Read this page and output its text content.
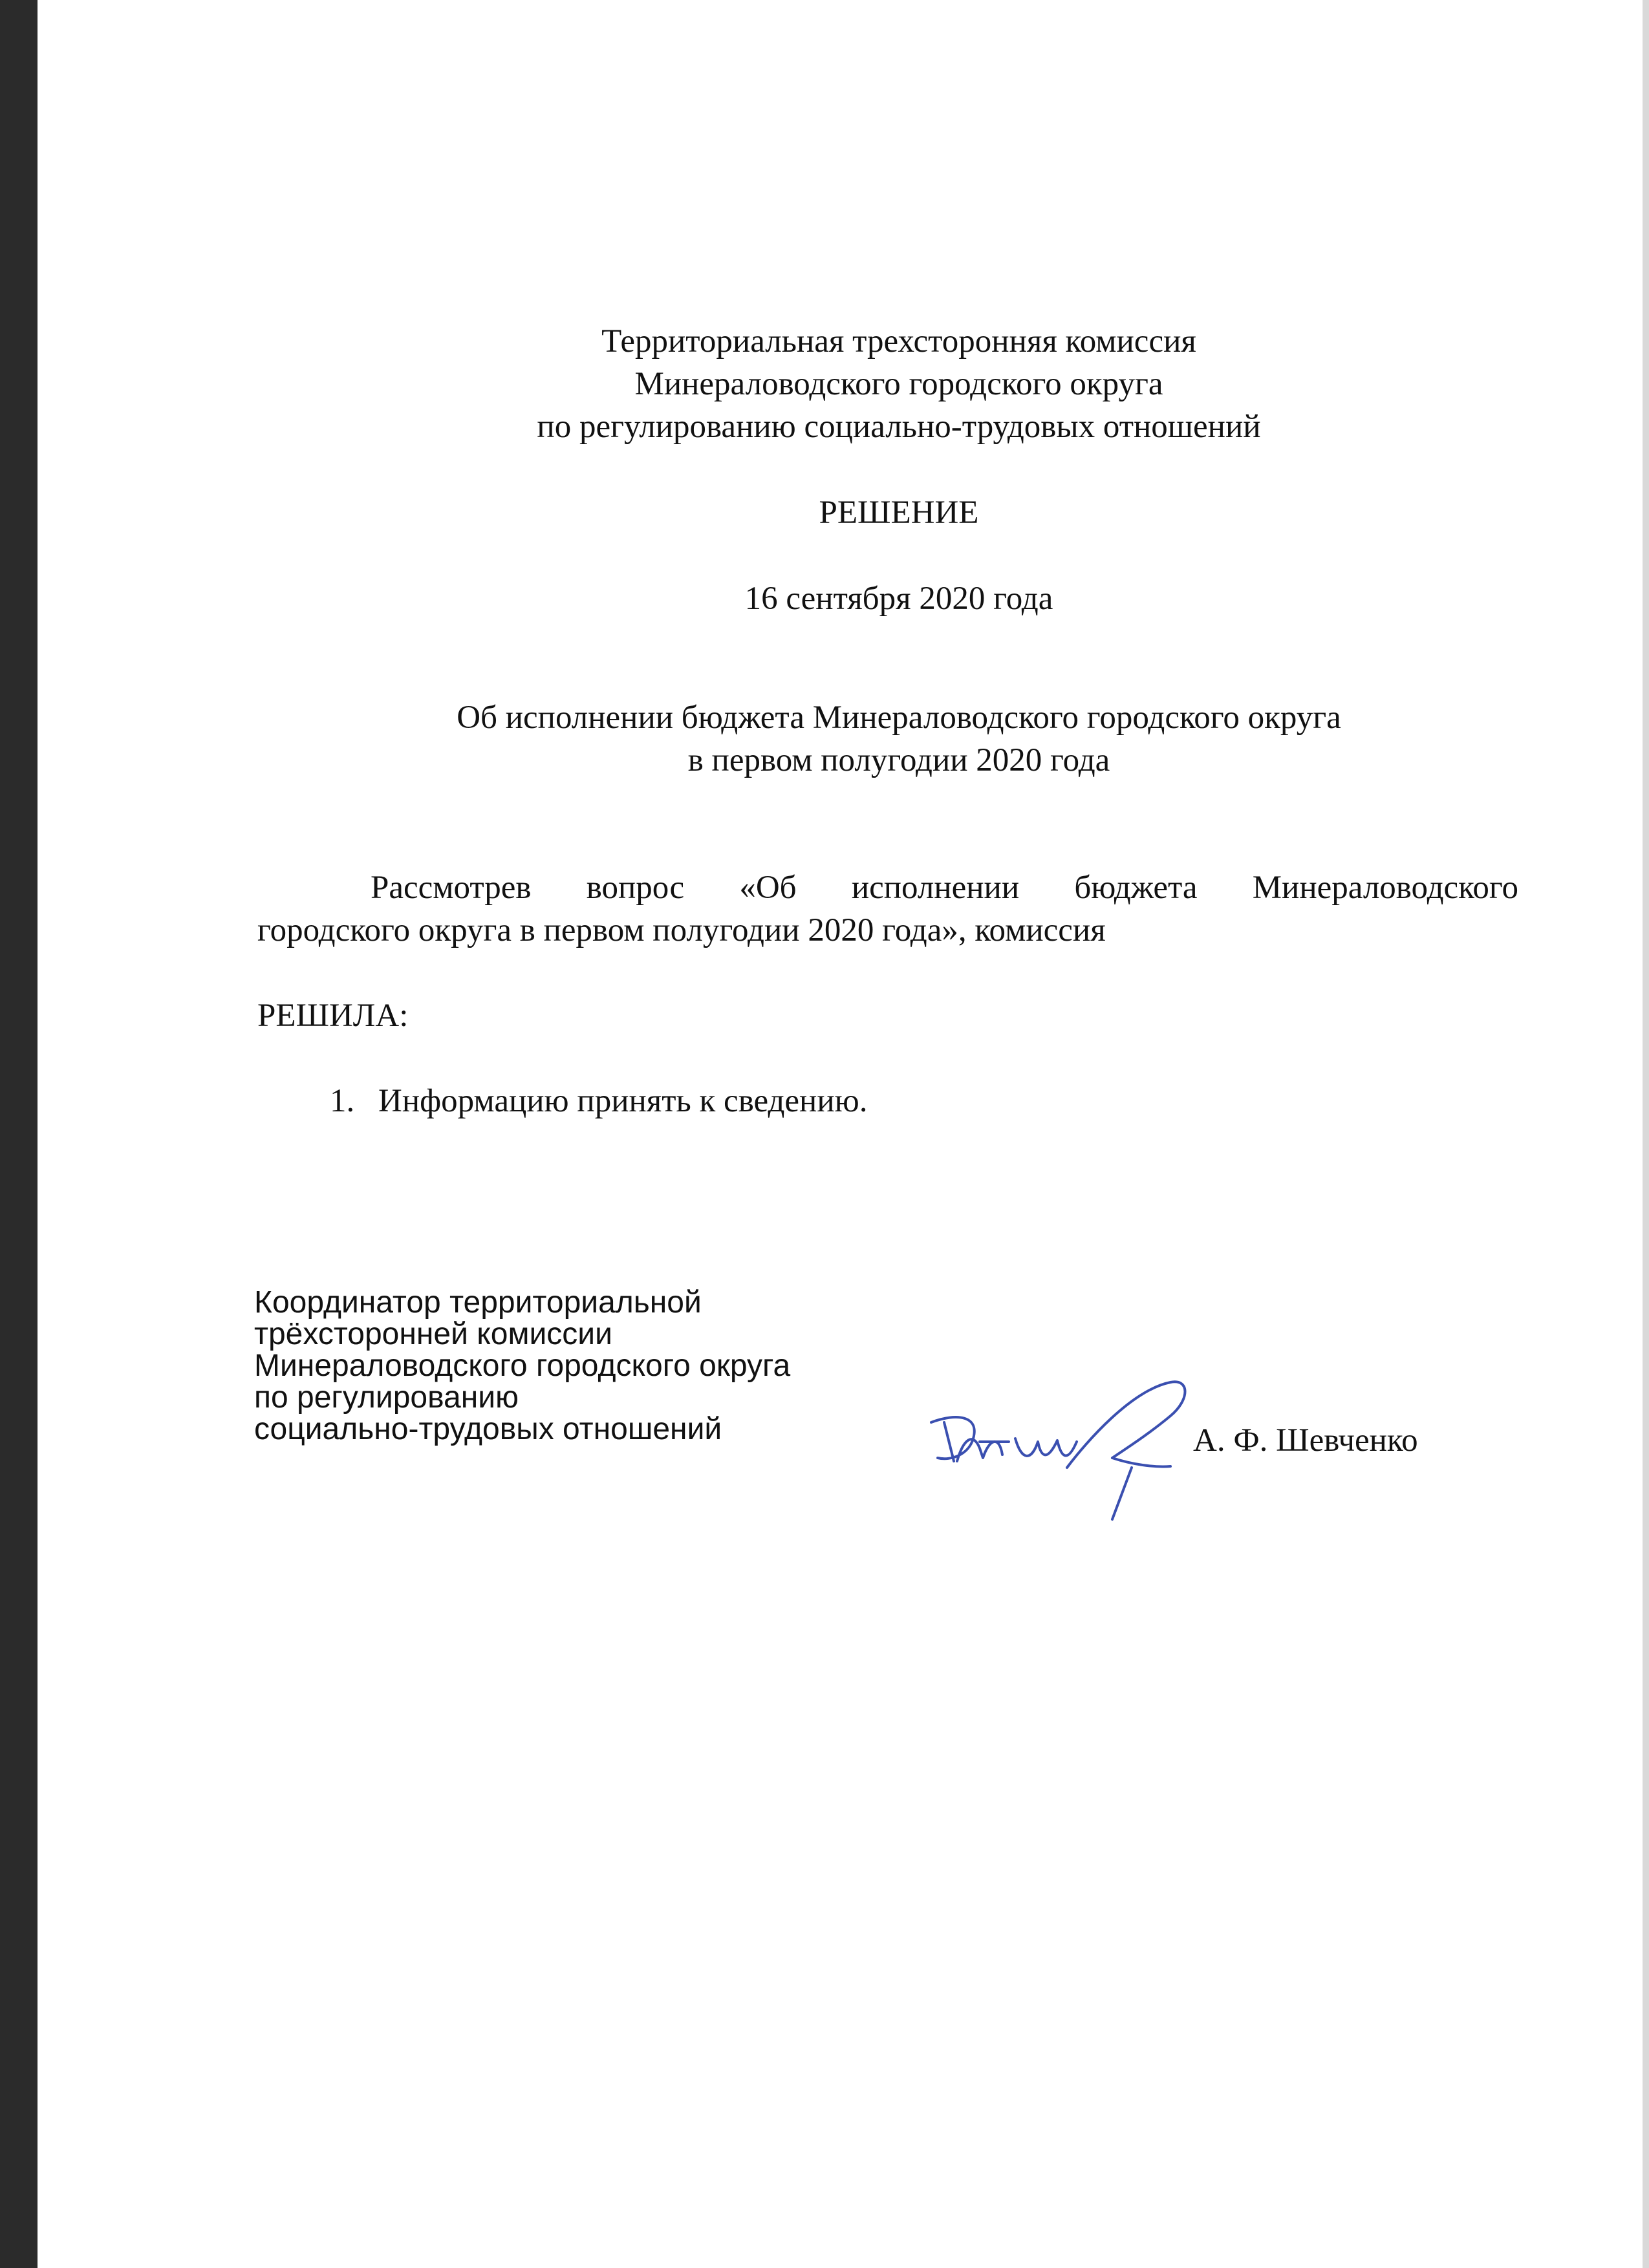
Территориальная трехсторонняя комиссия

Минераловодского городского округа

по регулированию социально-трудовых отношений

РЕШЕНИЕ

16 сентября 2020 года

Об исполнении бюджета Минераловодского городского округа

в первом полугодии 2020 года

Рассмотрев вопрос «Об исполнении бюджета Минераловодского

городского округа в первом полугодии 2020 года», комиссия

РЕШИЛА:
1. Информацию принять к сведению.

Координатор территориальной

трёхсторонней комиссии

Минераловодского городского округа

по регулированию

социально-трудовых отношений	А. Ф. Шевченко
